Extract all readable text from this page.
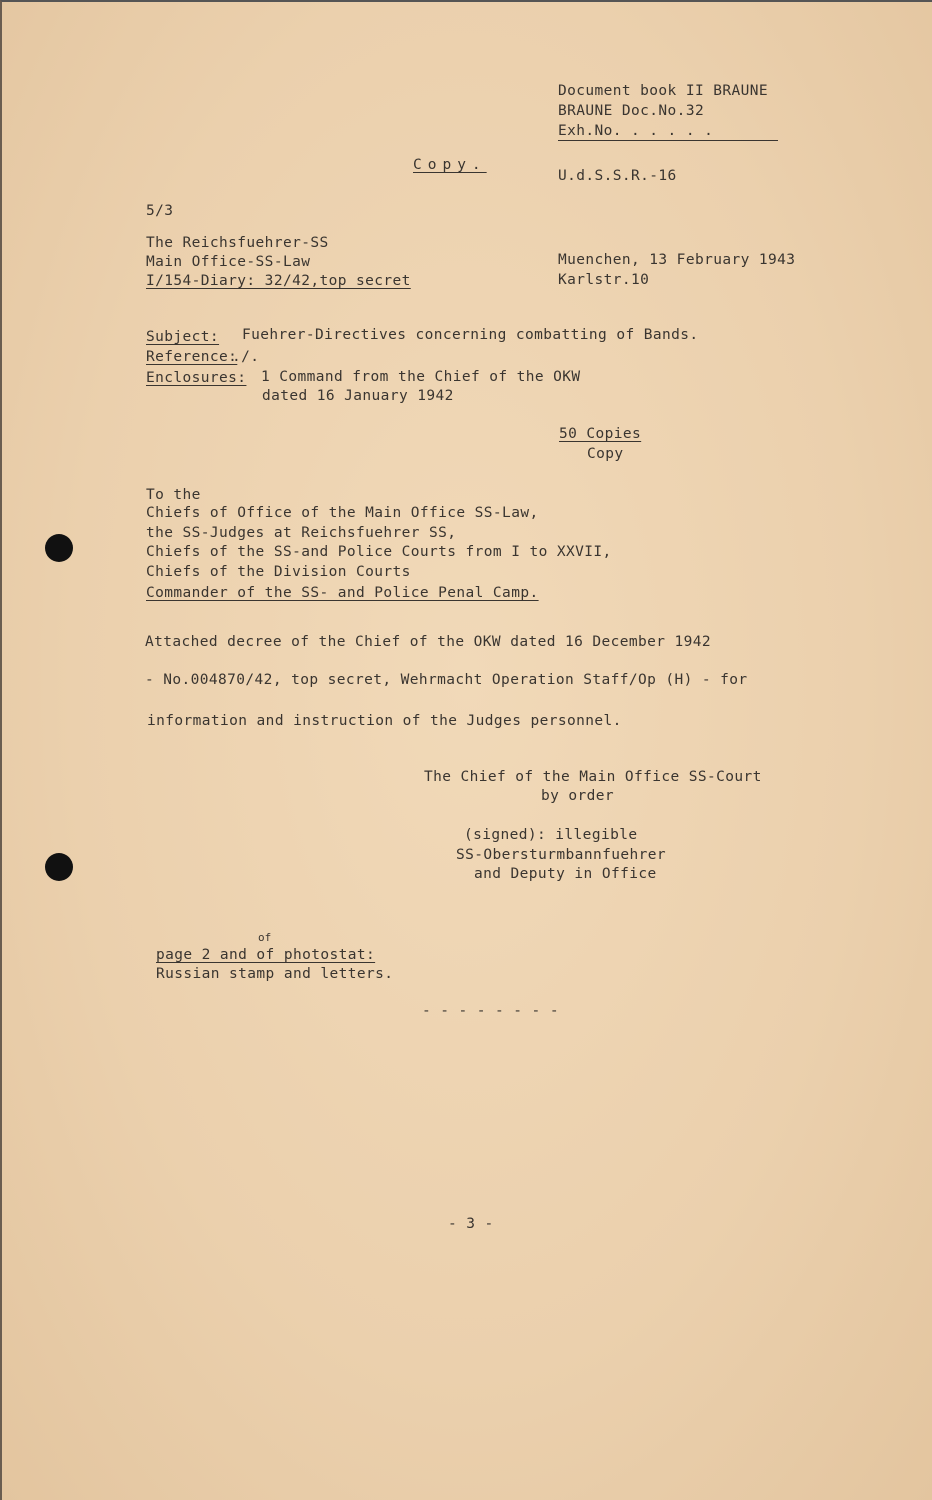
Document book II BRAUNE
BRAUNE Doc.No.32
Exh.No. . . . . .
Copy.
U.d.S.S.R.-16
5/3
The Reichsfuehrer-SS
Main Office-SS-Law
I/154-Diary: 32/42,top secret
Muenchen, 13 February 1943
Karlstr.10
Subject: Fuehrer-Directives concerning combatting of Bands.
Reference:
./.
Enclosures: 1 Command from the Chief of the OKW
dated 16 January 1942
50 Copies
Copy
To the
Chiefs of Office of the Main Office SS-Law,
the SS-Judges at Reichsfuehrer SS,
Chiefs of the SS-and Police Courts from I to XXVII,
Chiefs of the Division Courts
Commander of the SS- and Police Penal Camp.
Attached decree of the Chief of the OKW dated 16 December 1942
- No.004870/42, top secret, Wehrmacht Operation Staff/Op (H) - for
information and instruction of the Judges personnel.
The Chief of the Main Office SS-Court
by order
(signed): illegible
SS-Obersturmbannfuehrer
and Deputy in Office
page 2 and of photostat:
of
Russian stamp and letters.
- - - - - - - -
- 3 -
